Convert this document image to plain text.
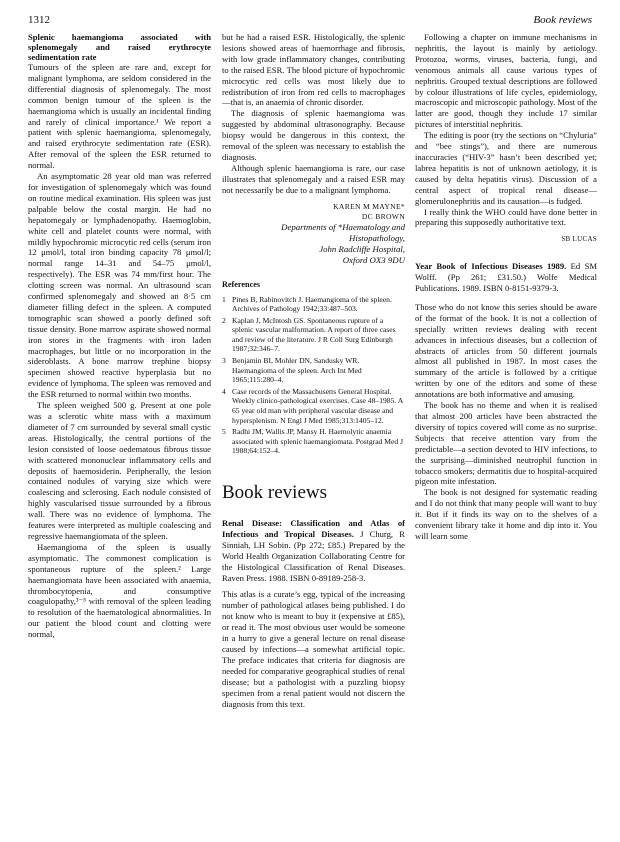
1312	Book reviews

Splenic haemangioma associated with splenomegaly and raised erythrocyte sedimentation rate

Tumours of the spleen are rare and, except for malignant lymphoma, are seldom considered in the differential diagnosis of splenomegaly. The most common benign tumour of the spleen is the haemangioma which is usually an incidental finding and rarely of clinical importance.¹ We report a patient with splenic haemangioma, splenomegaly, and raised erythrocyte sedimentation rate (ESR). After removal of the spleen the ESR returned to normal.

An asymptomatic 28 year old man was referred for investigation of splenomegaly which was found on routine medical examination. His spleen was just palpable below the costal margin. He had no hepatomegaly or lymphadenopathy. Haemoglobin, white cell and platelet counts were normal, with mildly hypochromic microcytic red cells (serum iron 12 μmol/l, total iron binding capacity 78 μmol/l; normal range 14–31 and 54–75 μmol/l, respectively). The ESR was 74 mm/first hour. The clotting screen was normal. An ultrasound scan confirmed splenomegaly and showed an 8·5 cm diameter filling defect in the spleen. A computed tomographic scan showed a poorly defined soft tissue density. Bone marrow aspirate showed normal iron stores in the fragments with iron laden macrophages, but little or no incorporation in the sideroblasts. A bone marrow trephine biopsy specimen showed reactive hyperplasia but no evidence of lymphoma. The spleen was removed and the ESR returned to normal within two months.

The spleen weighed 500 g. Present at one pole was a sclerotic white mass with a maximum diameter of 7 cm surrounded by several small cystic areas. Histologically, the central portions of the lesion consisted of loose oedematous fibrous tissue with scattered mononuclear inflammatory cells and deposits of haemosiderin. Peripherally, the lesion contained nodules of varying size which were coalescing and sclerosing. Each nodule consisted of highly vascularised tissue surrounded by a fibrous wall. There was no evidence of lymphoma. The features were interpreted as multiple coalescing and regressive haemangiomata of the spleen.

Haemangioma of the spleen is usually asymptomatic. The commonest complication is spontaneous rupture of the spleen.² Large haemangiomata have been associated with anaemia, thrombocytopenia, and consumptive coagulopathy,³⁻⁵ with removal of the spleen leading to resolution of the haematological abnormalities. In our patient the blood count and clotting were normal,

but he had a raised ESR. Histologically, the splenic lesions showed areas of haemorrhage and fibrosis, with low grade inflammatory changes, contributing to the raised ESR. The blood picture of hypochromic microcytic red cells was most likely due to redistribution of iron from red cells to macrophages—that is, an anaemia of chronic disorder.

The diagnosis of splenic haemangioma was suggested by abdominal ultrasonography. Because biopsy would be dangerous in this context, the removal of the spleen was necessary to establish the diagnosis.

Although splenic haemangioma is rare, our case illustrates that splenomegaly and a raised ESR may not necessarily be due to a malignant lymphoma.

KAREN M MAYNE*
DC BROWN
Departments of *Haematology and
Histopathology,
John Radcliffe Hospital,
Oxford OX3 9DU
References
1 Pines B, Rabinovitch J. Haemangioma of the spleen. Archives of Pathology 1942;33:487–503.
2 Kaplan J, McIntosh GS. Spontaneous rupture of a splenic vascular malformation. A report of three cases and review of the literature. J R Coll Surg Edinburgh 1987;32:346–7.
3 Benjamin BI, Mohler DN, Sandusky WR. Haemangioma of the spleen. Arch Int Med 1965;115:280–4.
4 Case records of the Massachusetts General Hospital. Weekly clinico-pathological exercises. Case 48–1985. A 65 year old man with peripheral vascular disease and hypersplenism. N Engl J Med 1985;313:1405–12.
5 Radhi JM, Wallis JP, Mansy H. Haemolytic anaemia associated with splenic haemangiomata. Postgrad Med J 1988;64:152–4.
Book reviews

Renal Disease: Classification and Atlas of Infectious and Tropical Diseases. J Churg, R Sinniah, LH Sobin. (Pp 272; £85.) Prepared by the World Health Organization Collaborating Centre for the Histological Classification of Renal Diseases. Raven Press. 1988. ISBN 0-89189-258-3.

This atlas is a curate’s egg, typical of the increasing number of pathological atlases being published. I do not know who is meant to buy it (expensive at £85), or read it. The most obvious user would be someone in a hurry to give a general lecture on renal disease caused by infections—a somewhat artificial topic. The preface indicates that criteria for diagnosis are needed for comparative geographical studies of renal disease; but a pathologist with a puzzling biopsy specimen from a renal patient would not discern the diagnosis from this text.

Following a chapter on immune mechanisms in nephritis, the layout is mainly by aetiology. Protozoa, worms, viruses, bacteria, fungi, and venomous animals all cause various types of nephritis. Grouped textual descriptions are followed by colour illustrations of life cycles, epidemiology, macroscopic and microscopic pathology. Most of the latter are good, though they include 17 similar pictures of interstitial nephritis.

The editing is poor (try the sections on “Chyluria” and “bee stings”), and there are numerous inaccuracies (“HIV-3” hasn’t been described yet; labrea hepatitis is not of unknown aetiology, it is caused by delta hepatitis virus). Discussion of a central aspect of tropical renal disease—glomerulonephritis and its causation—is fudged.

I really think the WHO could have done better in preparing this supposedly authoritative text.

SB LUCAS

Year Book of Infectious Diseases 1989. Ed SM Wolff. (Pp 261; £31.50.) Wolfe Medical Publications. 1989. ISBN 0-8151-9379-3.

Those who do not know this series should be aware of the format of the book. It is not a collection of specially written reviews dealing with recent advances in infectious diseases, but a collection of abstracts of articles from 50 different journals almost all published in 1987. In most cases the summary of the article is followed by a critique written by one of the editors and some of these annotations are both informative and amusing.

The book has no theme and when it is realised that almost 200 articles have been abstracted the diversity of topics covered will come as no surprise. Subjects that receive attention vary from the predictable—a section devoted to HIV infections, to the surprising—diminished neutrophil function in tobacco smokers; dermatitis due to hospital-acquired pigeon mite infestation.

The book is not designed for systematic reading and I do not think that many people will want to buy it. But if it finds its way on to the shelves of a convenient library take it home and dip into it. You will learn some
